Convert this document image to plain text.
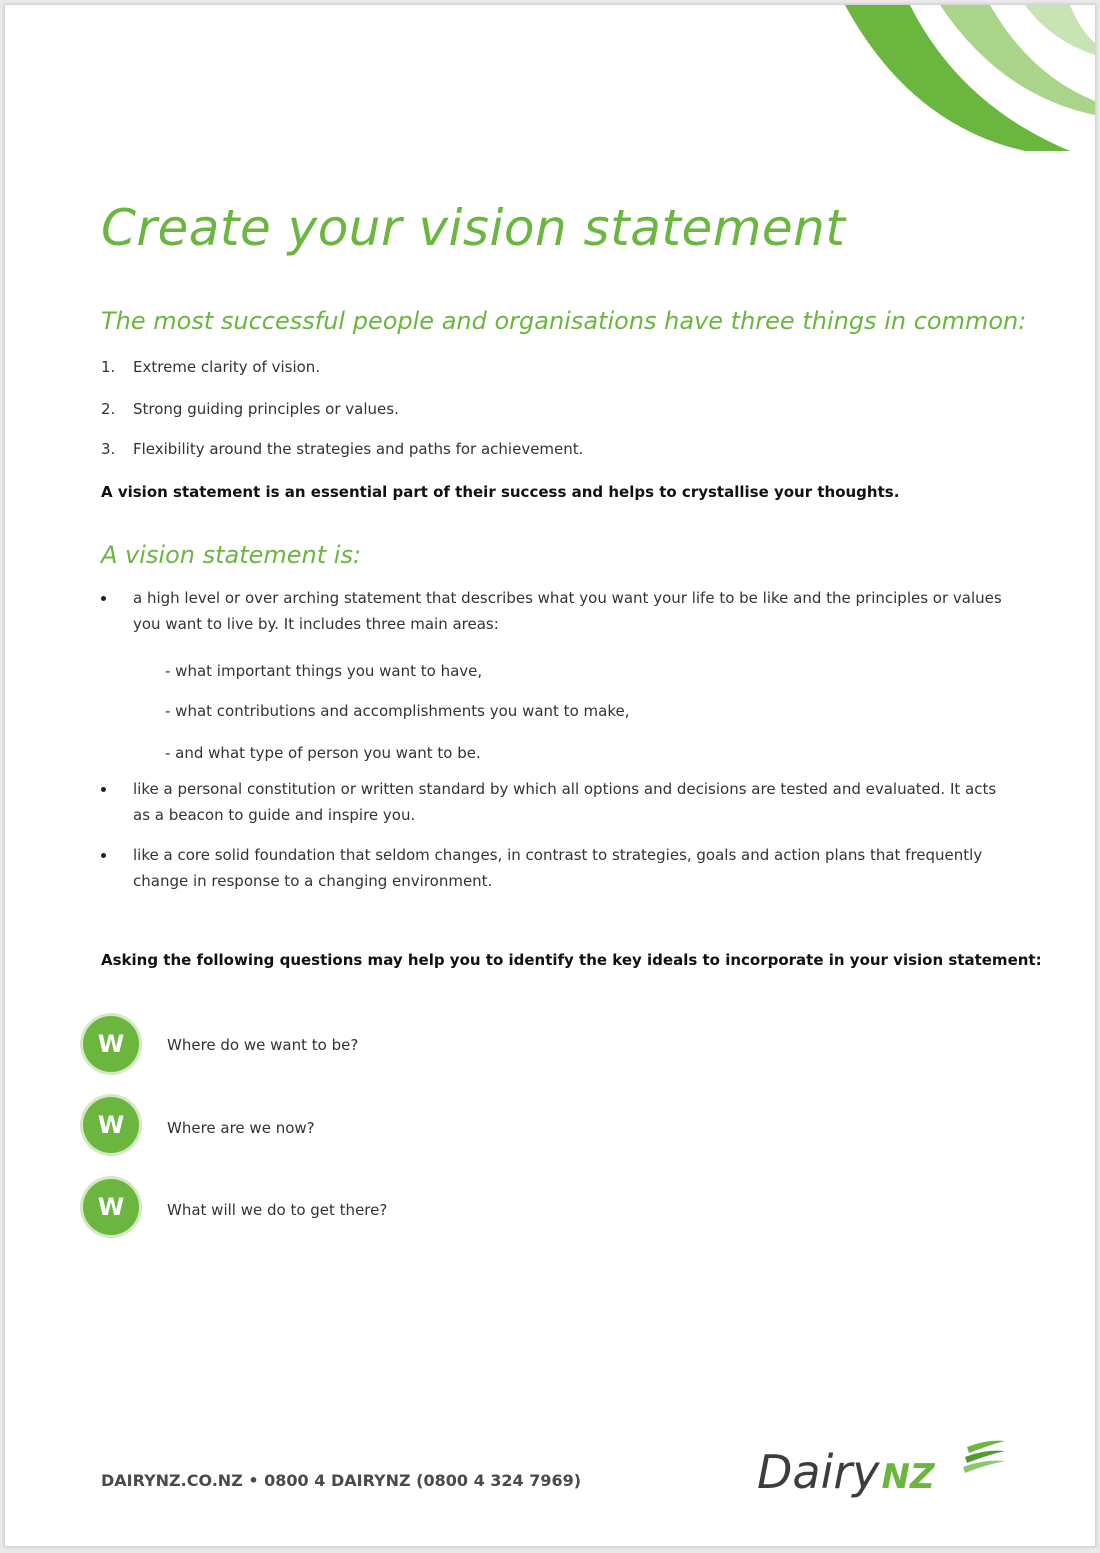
Create your vision statement
The most successful people and organisations have three things in common:
1. Extreme clarity of vision.
2. Strong guiding principles or values.
3. Flexibility around the strategies and paths for achievement.

A vision statement is an essential part of their success and helps to crystallise your thoughts.

A vision statement is:
a high level or over arching statement that describes what you want your life to be like and the principles or values you want to live by. It includes three main areas:
- what important things you want to have,
- what contributions and accomplishments you want to make,
- and what type of person you want to be.
like a personal constitution or written standard by which all options and decisions are tested and evaluated. It acts as a beacon to guide and inspire you.
like a core solid foundation that seldom changes, in contrast to strategies, goals and action plans that frequently change in response to a changing environment.

Asking the following questions may help you to identify the key ideals to incorporate in your vision statement:

W	Where do we want to be?
W	Where are we now?
W	What will we do to get there?
DAIRYNZ.CO.NZ • 0800 4 DAIRYNZ (0800 4 324 7969)	DairyNZ
